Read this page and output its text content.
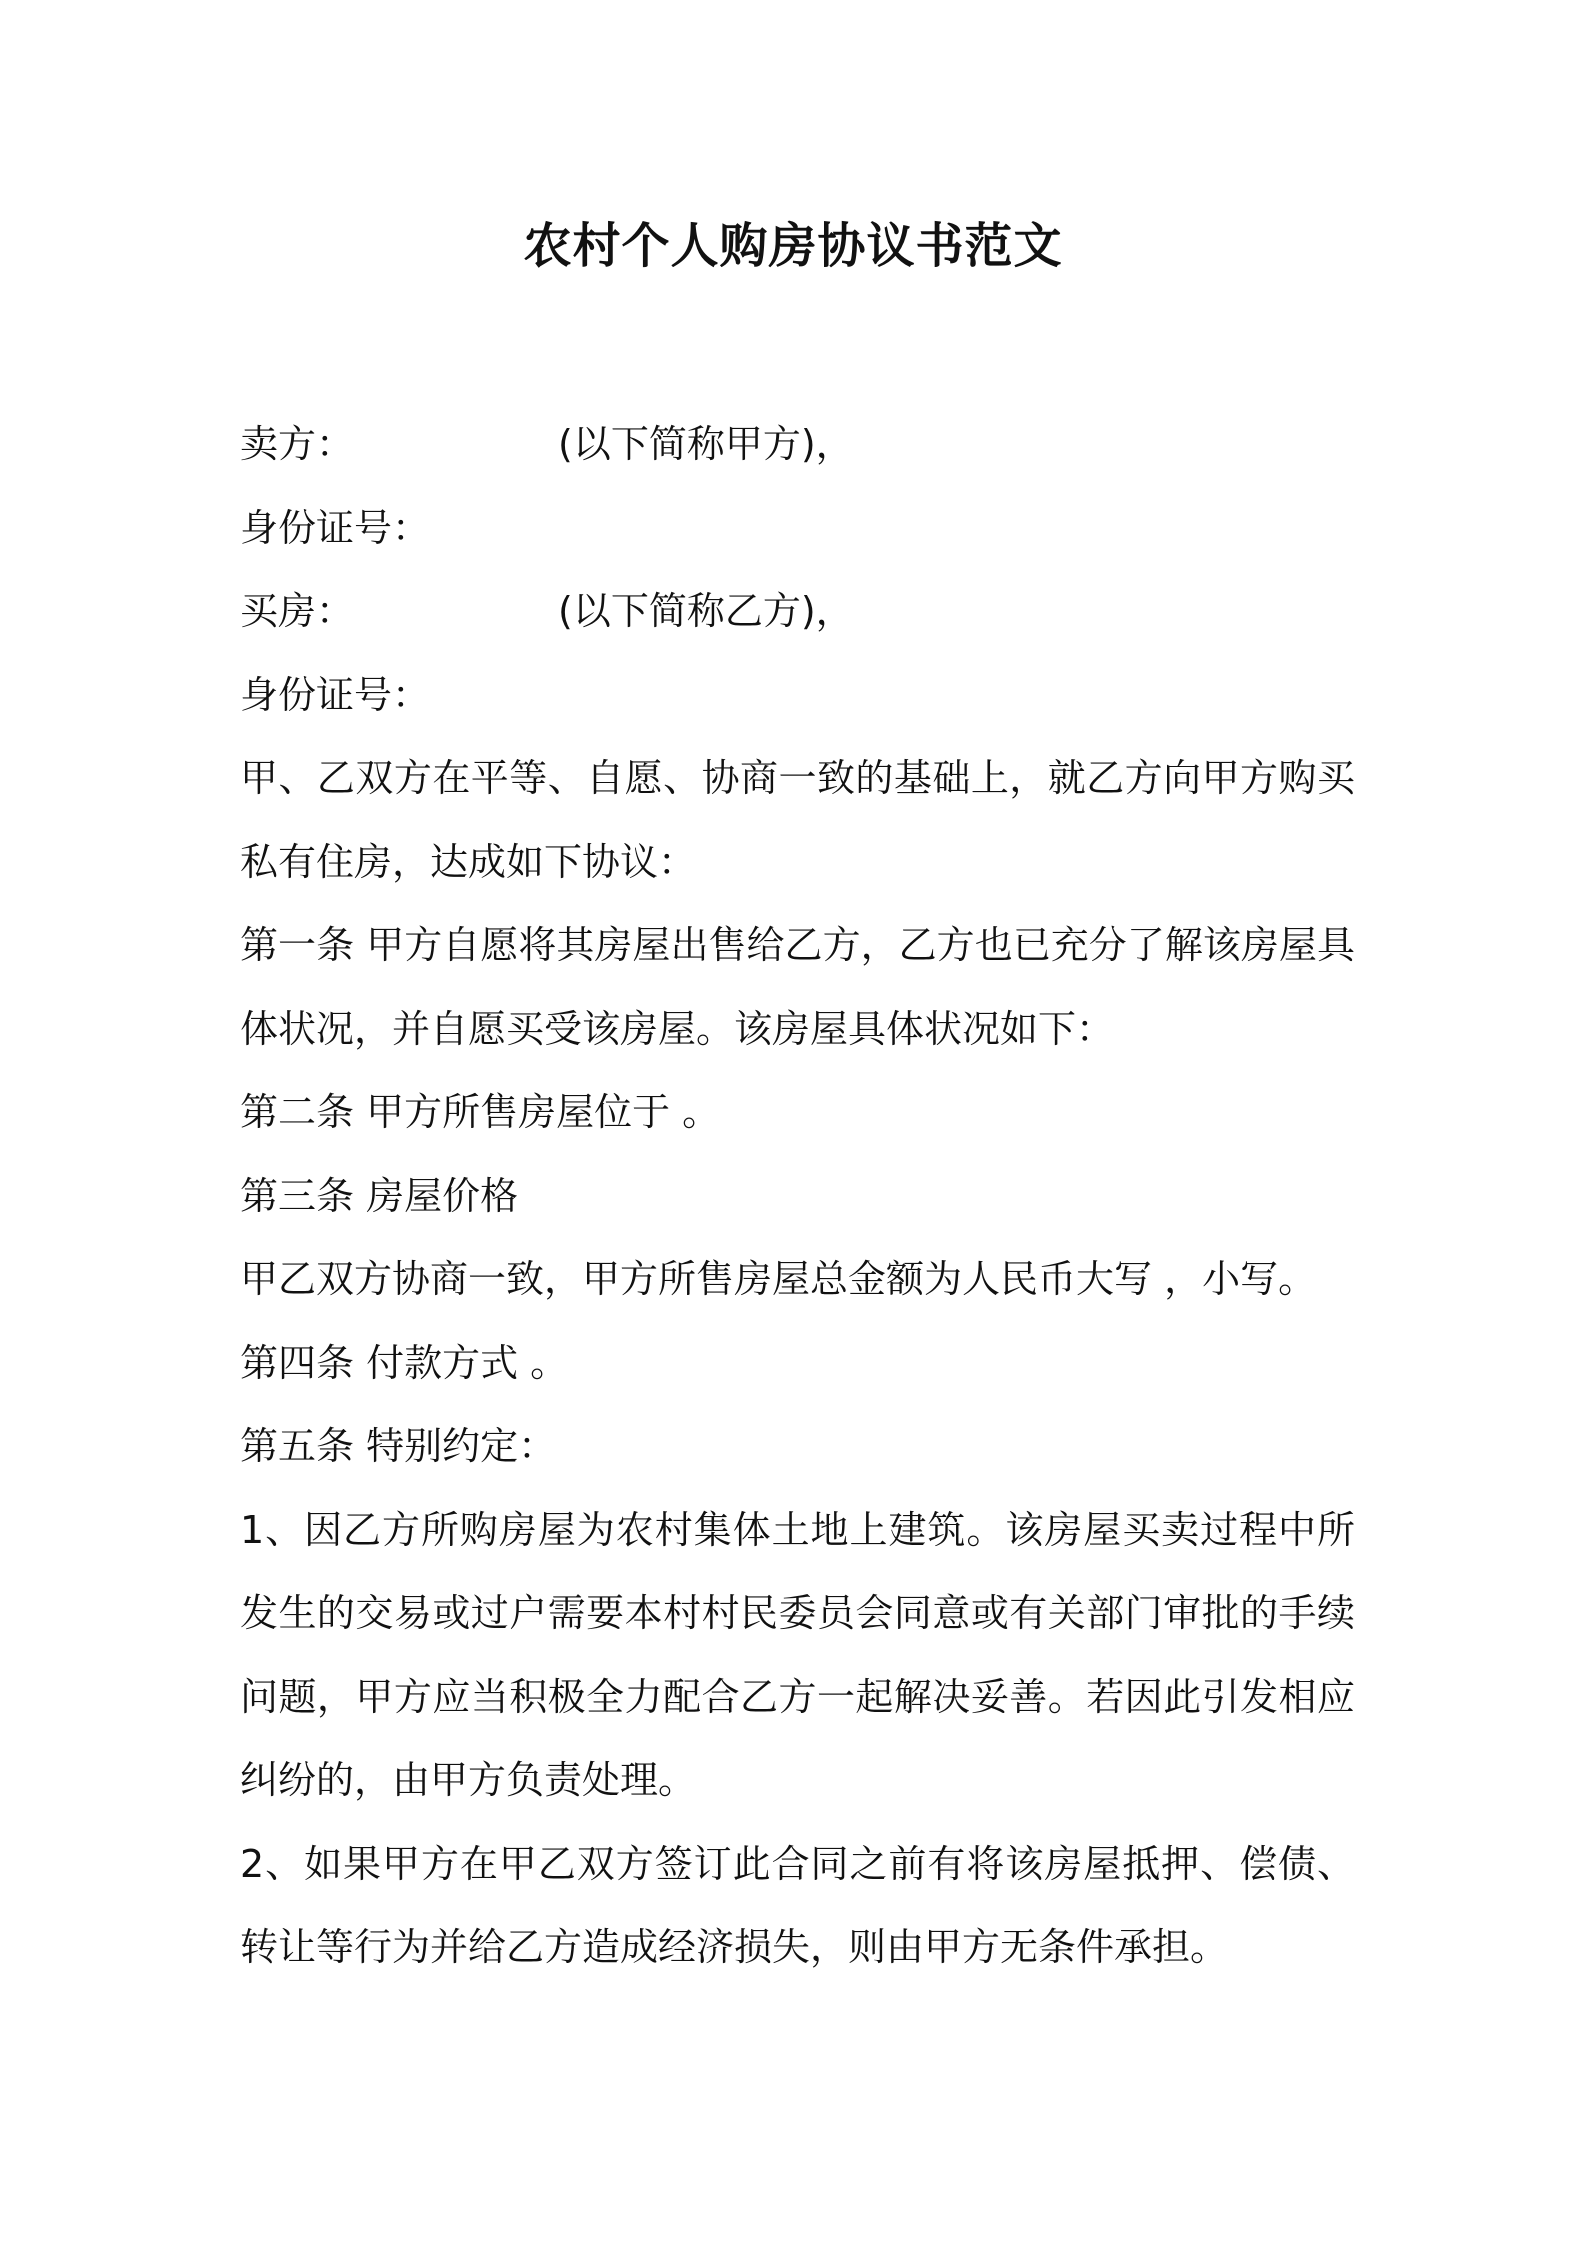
农村个人购房协议书范文
卖方：	(以下简称甲方)，
身份证号：
买房：	(以下简称乙方)，
身份证号：
甲、乙双方在平等、自愿、协商一致的基础上，就乙方向甲方购买私有住房，达成如下协议：
第一条 甲方自愿将其房屋出售给乙方，乙方也已充分了解该房屋具体状况，并自愿买受该房屋。该房屋具体状况如下：
第二条 甲方所售房屋位于 。
第三条 房屋价格
甲乙双方协商一致，甲方所售房屋总金额为人民币大写 ，小写。
第四条 付款方式 。
第五条 特别约定：
1、因乙方所购房屋为农村集体土地上建筑。该房屋买卖过程中所发生的交易或过户需要本村村民委员会同意或有关部门审批的手续问题，甲方应当积极全力配合乙方一起解决妥善。若因此引发相应纠纷的，由甲方负责处理。
2、如果甲方在甲乙双方签订此合同之前有将该房屋抵押、偿债、转让等行为并给乙方造成经济损失，则由甲方无条件承担。
